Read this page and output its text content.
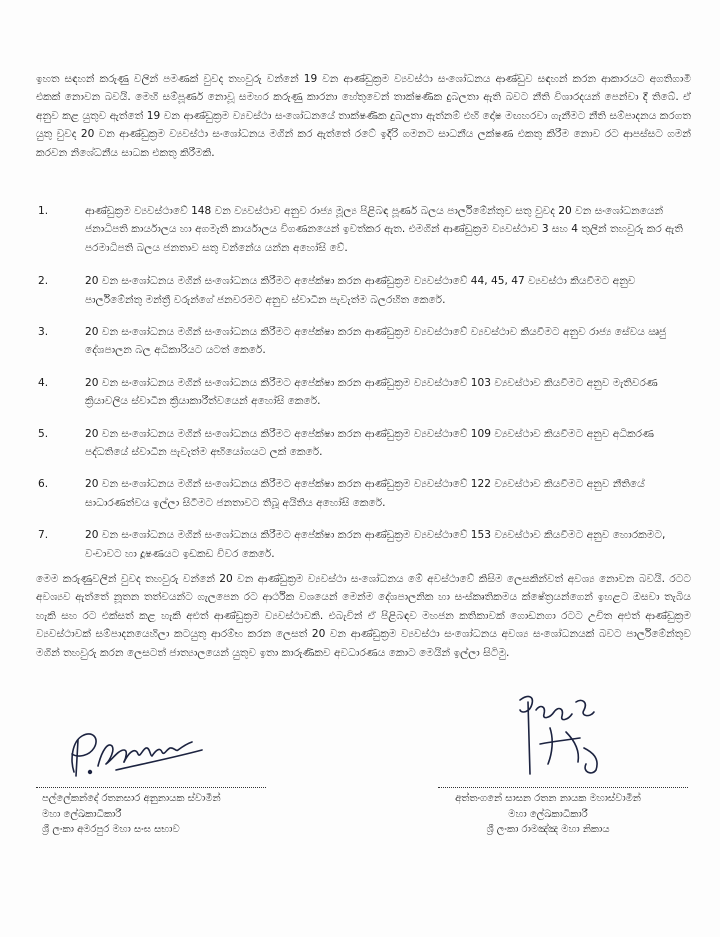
ඉහත සඳහන් කරුණු වලින් පමණක් වුවද තහවුරු වන්නේ 19 වන ආණ්ඩුක්‍රම ව්‍යවස්ථා සංශෝධනය ආණ්ඩුව සඳහන් කරන ආකාරයට අගතිගාමී එකක් නොවන බවයි. මෙහි සම්පූර්ණ නොවූ සමහර කරුණු කාරනා හේතුවෙන් තාක්ෂණික දුබලතා ඇති බවට නීති විශාරදයන් පෙන්වා දී තිබේ. ඒ අනුව කළ යුතුව ඇත්තේ 19 වන ආණ්ඩුක්‍රම ව්‍යවස්ථා සංශෝධනයේ තාක්ෂණික දුබලතා ඇත්නම් එහි දෝෂ මඟහරවා ගැනීමට නීති සම්පාදනය කරගත යුතු වුවද 20 වන ආණ්ඩුක්‍රම ව්‍යවස්ථා සංශෝධනය මගින් කර ඇත්තේ රටේ ඉදිරි ගමනට සාධනීය ලක්ෂණ එකතු කිරීම නොව රට ආපස්සට ගමන් කරවන නිශේධනීය සාධක එකතු කිරීමකි.

1.	ආණ්ඩුක්‍රම ව්‍යවස්ථාවේ 148 වන ව්‍යවස්ථාව අනුව රාජ්‍ය මූල්‍ය පිළිබඳ පූර්ණ බලය පාර්ලිමේන්තුව සතු වුවද 20 වන සංශෝධනයෙන් ජනාධිපති කාර්යාලය හා අගමැති කාර්යාලය විගණනයෙන් ඉවත්කර ඇත. එමගින් ආණ්ඩුක්‍රම ව්‍යවස්ථාව 3 සහ 4 තුලින් තහවුරු කර ඇති පරමාධිපති බලය ජනතාව සතු වන්නේය යන්න අහෝසි වේ.
2.	20 වන සංශෝධනය මගින් සංශෝධනය කිරීමට අපේක්ෂා කරන ආණ්ඩුක්‍රම ව්‍යවස්ථාවේ 44, 45, 47 ව්‍යවස්ථා කියවීමට අනුව පාර්ලිමේන්තු මන්ත්‍රී වරුන්ගේ ජනවරමට අනුව ස්වාධීන පැවැත්ම බලරහිත කෙරේ.
3.	20 වන සංශෝධනය මගින් සංශෝධනය කිරීමට අපේක්ෂා කරන ආණ්ඩුක්‍රම ව්‍යවස්ථාවේ ව්‍යවස්ථාව කියවීමට අනුව රාජ්‍ය සේවය ඍජු දේශපාලන බල අධිකාරියට යටත් කෙරේ.
4.	20 වන සංශෝධනය මගින් සංශෝධනය කිරීමට අපේක්ෂා කරන ආණ්ඩුක්‍රම ව්‍යවස්ථාවේ 103 ව්‍යවස්ථාව කියවීමට අනුව මැතිවරණ ක්‍රියාවලිය ස්වාධීන ක්‍රියාකාරීත්වයෙන් අහෝසි කෙරේ.
5.	20 වන සංශෝධනය මගින් සංශෝධනය කිරීමට අපේක්ෂා කරන ආණ්ඩුක්‍රම ව්‍යවස්ථාවේ 109 ව්‍යවස්ථාව කියවීමට අනුව අධිකරණ පද්ධතියේ ස්වාධීන පැවැත්ම අභියෝගයට ලක් කෙරේ.
6.	20 වන සංශෝධනය මගින් සංශෝධනය කිරීමට අපේක්ෂා කරන ආණ්ඩුක්‍රම ව්‍යවස්ථාවේ 122 ව්‍යවස්ථාව කියවීමට අනුව නීතියේ සාධාරණත්වය ඉල්ලා සිටීමට ජනතාවට තිබූ අයිතිය අහෝසි කෙරේ.
7.	20 වන සංශෝධනය මගින් සංශෝධනය කිරීමට අපේක්ෂා කරන ආණ්ඩුක්‍රම ව්‍යවස්ථාවේ 153 ව්‍යවස්ථාව කියවීමට අනුව හොරකමට, වංචාවට හා දූෂණයට ඉඩකඩ විවර කෙරේ.

මෙම කරුණුවලින් වුවද තහවුරු වන්නේ 20 වන ආණ්ඩුක්‍රම ව්‍යවස්ථා සංශෝධනය මේ අවස්ථාවේ කිසිම ලෙසකින්වත් අවශ්‍ය නොවන බවයි. රටට අවශ්‍යව ඇත්තේ නූතන තත්වයන්ට ගැලපෙන රට ආර්ථික වශයෙන් මෙන්ම දේශපාලනික හා සංස්කෘතිකමය ක්ෂේත්‍රයන්ගෙන් ඉහළට ඔසවා තැබිය හැකි සහ රට එක්සත් කළ හැකි අළුත් ආණ්ඩුක්‍රම ව්‍යවස්ථාවකි. එබැවින් ඒ පිළිබඳව මහජන කතිකාවක් ගොඩනගා රටට උචිත අළුත් ආණ්ඩුක්‍රම ව්‍යවස්ථාවක් සම්පාදනයෙහිලා කටයුතු ආරම්භ කරන ලෙසත් 20 වන ආණ්ඩුක්‍රම ව්‍යවස්ථා සංශෝධනය අවශ්‍ය සංශෝධනයක් බවට පාර්ලිමේන්තුව මගින් තහවුරු කරන ලෙසටත් ජාත්‍යාලයෙන් යුතුව ඉතා කාරුණිකව අවධාරණය කොට මෙයින් ඉල්ලා සිටිමු.

පල්ලේකන්දේ රතනසාර අනුනායක ස්වාමීන්
මහා ලේඛකාධිකාරී
ශ්‍රී ලංකා අමරපුර මහා සංඝ සභාව
අත්තංගනේ සාසන රතන නායක මහාස්වාමීන්
මහා ලේඛකාධිකාරී
ශ්‍රී ලංකා රාමඤ්ඤ මහා නිකාය
